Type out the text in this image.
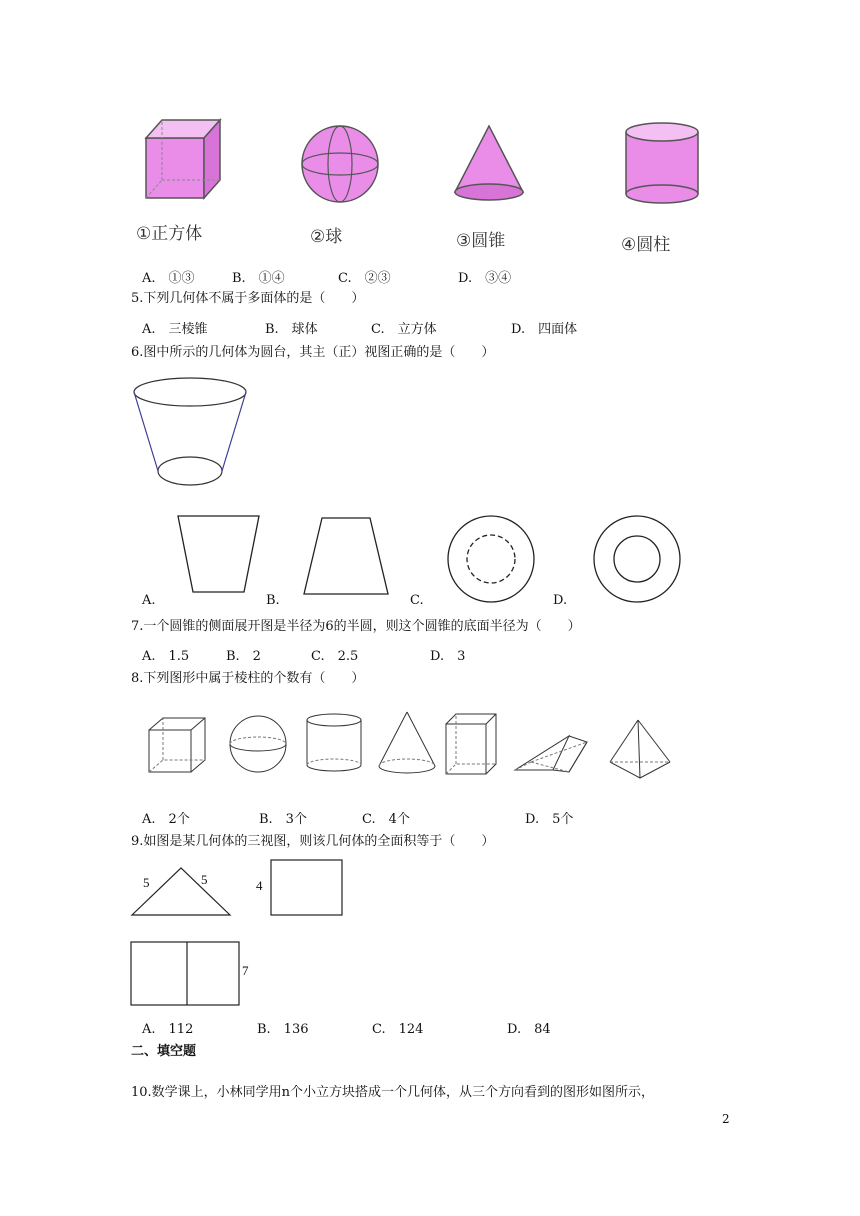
①正方体	②球	③圆锥	④圆柱
A.　①③	B.　①④	C.　②③	D.　③④
5.下列几何体不属于多面体的是（　　）
A.　三棱锥	B.　球体	C.　立方体	D.　四面体
6.图中所示的几何体为圆台，其主（正）视图正确的是（　　）
A.	B.	C.	D.
7.一个圆锥的侧面展开图是半径为6的半圆，则这个圆锥的底面半径为（　　）
A.　1.5	B.　2	C.　2.5	D.　3
8.下列图形中属于棱柱的个数有（　　）
A.　2个	B.　3个	C.　4个	D.　5个
9.如图是某几何体的三视图，则该几何体的全面积等于（　　）
5	5	4
7
A.　112	B.　136	C.　124	D.　84
二、填空题
10.数学课上，小林同学用n个小立方块搭成一个几何体，从三个方向看到的图形如图所示，
2
